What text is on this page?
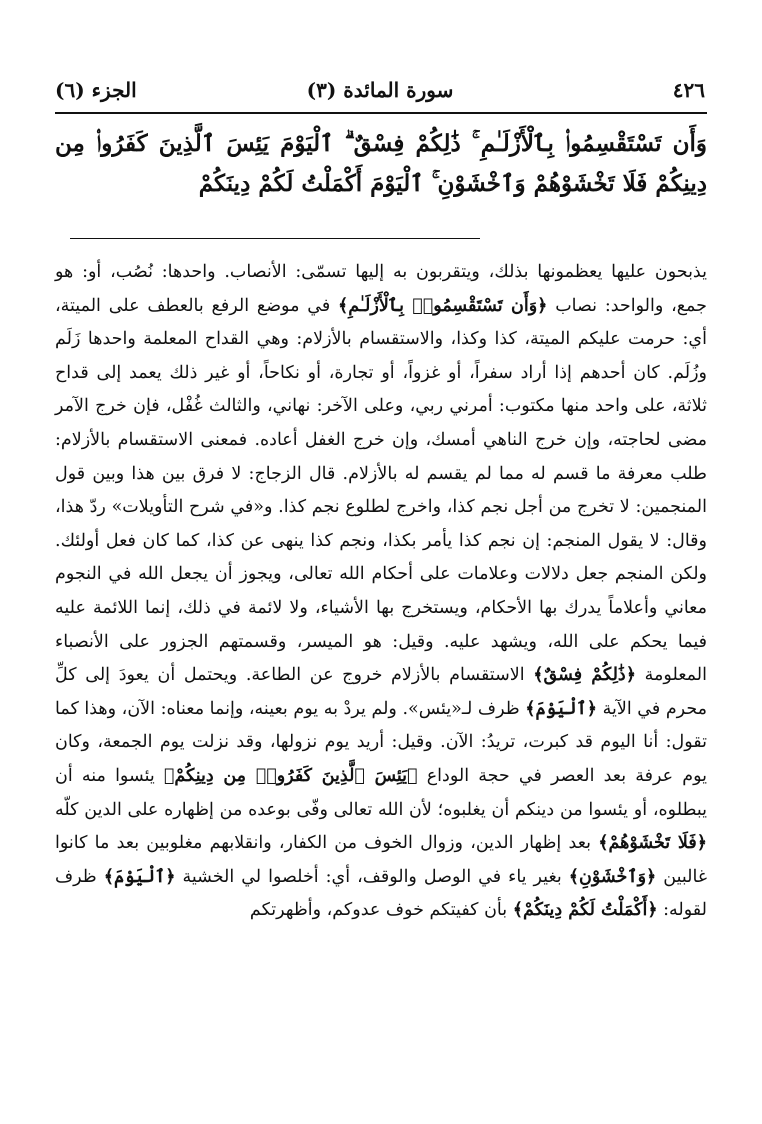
٤٢٦
سورة المائدة (٣)
الجزء (٦)
وَأَن تَسْتَقْسِمُوا۟ بِٱلْأَزْلَـٰمِ ۚ ذَٰلِكُمْ فِسْقٌ ۗ ٱلْيَوْمَ يَئِسَ ٱلَّذِينَ كَفَرُوا۟ مِن دِينِكُمْ فَلَا تَخْشَوْهُمْ وَٱخْشَوْنِ ۚ ٱلْيَوْمَ أَكْمَلْتُ لَكُمْ دِينَكُمْ

يذبحون عليها يعظمونها بذلك، ويتقربون به إليها تسمّى: الأنصاب. واحدها: نُصُب، أو: هو جمع، والواحد: نصاب ﴿وَأَن تَسْتَقْسِمُوا۟ بِٱلْأَزْلَـٰمِ﴾ في موضع الرفع بالعطف على الميتة، أي: حرمت عليكم الميتة، كذا وكذا، والاستقسام بالأزلام: وهي القداح المعلمة واحدها زَلَم وزُلَم. كان أحدهم إذا أراد سفراً، أو غزواً، أو تجارة، أو نكاحاً، أو غير ذلك يعمد إلى قداح ثلاثة، على واحد منها مكتوب: أمرني ربي، وعلى الآخر: نهاني، والثالث غُفْل، فإن خرج الآمر مضى لحاجته، وإن خرج الناهي أمسك، وإن خرج الغفل أعاده. فمعنى الاستقسام بالأزلام: طلب معرفة ما قسم له مما لم يقسم له بالأزلام. قال الزجاج: لا فرق بين هذا وبين قول المنجمين: لا تخرج من أجل نجم كذا، واخرج لطلوع نجم كذا. و«في شرح التأويلات» ردّ هذا، وقال: لا يقول المنجم: إن نجم كذا يأمر بكذا، ونجم كذا ينهى عن كذا، كما كان فعل أولئك. ولكن المنجم جعل دلالات وعلامات على أحكام الله تعالى، ويجوز أن يجعل الله في النجوم معاني وأعلاماً يدرك بها الأحكام، ويستخرج بها الأشياء، ولا لائمة في ذلك، إنما اللائمة عليه فيما يحكم على الله، ويشهد عليه. وقيل: هو الميسر، وقسمتهم الجزور على الأنصباء المعلومة ﴿ذَٰلِكُمْ فِسْقٌ﴾ الاستقسام بالأزلام خروج عن الطاعة. ويحتمل أن يعودَ إلى كلِّ محرم في الآية ﴿ٱلْيَوْمَ﴾ ظرف لـ«يئس». ولم يردْ به يوم بعينه، وإنما معناه: الآن، وهذا كما تقول: أنا اليوم قد كبرت، تريدُ: الآن. وقيل: أريد يوم نزولها، وقد نزلت يوم الجمعة، وكان يوم عرفة بعد العصر في حجة الوداع ﴿يَئِسَ ٱلَّذِينَ كَفَرُوا۟ مِن دِينِكُمْ﴾ يئسوا منه أن يبطلوه، أو يئسوا من دينكم أن يغلبوه؛ لأن الله تعالى وفّى بوعده من إظهاره على الدين كلّه ﴿فَلَا تَخْشَوْهُمْ﴾ بعد إظهار الدين، وزوال الخوف من الكفار، وانقلابهم مغلوبين بعد ما كانوا غالبين ﴿وَٱخْشَوْنِ﴾ بغير ياء في الوصل والوقف، أي: أخلصوا لي الخشية ﴿ٱلْيَوْمَ﴾ ظرف لقوله: ﴿أَكْمَلْتُ لَكُمْ دِينَكُمْ﴾ بأن كفيتكم خوف عدوكم، وأظهرتكم
